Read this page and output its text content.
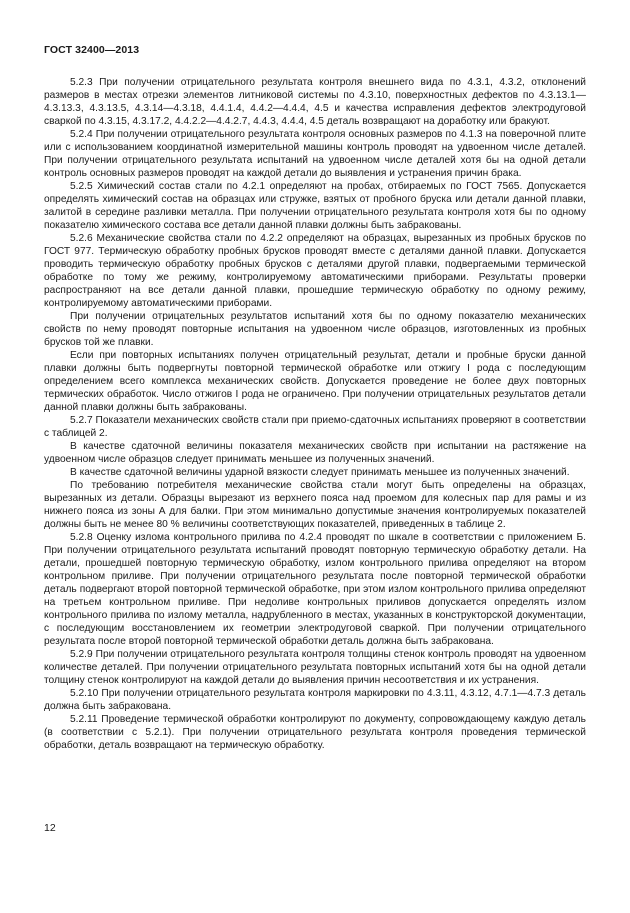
ГОСТ 32400—2013

5.2.3 При получении отрицательного результата контроля внешнего вида по 4.3.1, 4.3.2, отклонений размеров в местах отрезки элементов литниковой системы по 4.3.10, поверхностных дефектов по 4.3.13.1—4.3.13.3, 4.3.13.5, 4.3.14—4.3.18, 4.4.1.4, 4.4.2—4.4.4, 4.5 и качества исправления дефектов электродуговой сваркой по 4.3.15, 4.3.17.2, 4.4.2.2—4.4.2.7, 4.4.3, 4.4.4, 4.5 деталь возвращают на доработку или бракуют.

5.2.4 При получении отрицательного результата контроля основных размеров по 4.1.3 на поверочной плите или с использованием координатной измерительной машины контроль проводят на удвоенном числе деталей. При получении отрицательного результата испытаний на удвоенном числе деталей хотя бы на одной детали контроль основных размеров проводят на каждой детали до выявления и устранения причин брака.

5.2.5 Химический состав стали по 4.2.1 определяют на пробах, отбираемых по ГОСТ 7565. Допускается определять химический состав на образцах или стружке, взятых от пробного бруска или детали данной плавки, залитой в середине разливки металла. При получении отрицательного результата контроля хотя бы по одному показателю химического состава все детали данной плавки должны быть забракованы.

5.2.6 Механические свойства стали по 4.2.2 определяют на образцах, вырезанных из пробных брусков по ГОСТ 977. Термическую обработку пробных брусков проводят вместе с деталями данной плавки. Допускается проводить термическую обработку пробных брусков с деталями другой плавки, подвергаемыми термической обработке по тому же режиму, контролируемому автоматическими приборами. Результаты проверки распространяют на все детали данной плавки, прошедшие термическую обработку по одному режиму, контролируемому автоматическими приборами.

При получении отрицательных результатов испытаний хотя бы по одному показателю механических свойств по нему проводят повторные испытания на удвоенном числе образцов, изготовленных из пробных брусков той же плавки.

Если при повторных испытаниях получен отрицательный результат, детали и пробные бруски данной плавки должны быть подвергнуты повторной термической обработке или отжигу I рода с последующим определением всего комплекса механических свойств. Допускается проведение не более двух повторных термических обработок. Число отжигов I рода не ограничено. При получении отрицательных результатов детали данной плавки должны быть забракованы.

5.2.7 Показатели механических свойств стали при приемо-сдаточных испытаниях проверяют в соответствии с таблицей 2.

В качестве сдаточной величины показателя механических свойств при испытании на растяжение на удвоенном числе образцов следует принимать меньшее из полученных значений.

В качестве сдаточной величины ударной вязкости следует принимать меньшее из полученных значений.

По требованию потребителя механические свойства стали могут быть определены на образцах, вырезанных из детали. Образцы вырезают из верхнего пояса над проемом для колесных пар для рамы и из нижнего пояса из зоны А для балки. При этом минимально допустимые значения контролируемых показателей должны быть не менее 80 % величины соответствующих показателей, приведенных в таблице 2.

5.2.8 Оценку излома контрольного прилива по 4.2.4 проводят по шкале в соответствии с приложением Б. При получении отрицательного результата испытаний проводят повторную термическую обработку детали. На детали, прошедшей повторную термическую обработку, излом контрольного прилива определяют на втором контрольном приливе. При получении отрицательного результата после повторной термической обработки деталь подвергают второй повторной термической обработке, при этом излом контрольного прилива определяют на третьем контрольном приливе. При недоливе контрольных приливов допускается определять излом контрольного прилива по излому металла, надрубленного в местах, указанных в конструкторской документации, с последующим восстановлением их геометрии электродуговой сваркой. При получении отрицательного результата после второй повторной термической обработки деталь должна быть забракована.

5.2.9 При получении отрицательного результата контроля толщины стенок контроль проводят на удвоенном количестве деталей. При получении отрицательного результата повторных испытаний хотя бы на одной детали толщину стенок контролируют на каждой детали до выявления причин несоответствия и их устранения.

5.2.10 При получении отрицательного результата контроля маркировки по 4.3.11, 4.3.12, 4.7.1—4.7.3 деталь должна быть забракована.

5.2.11 Проведение термической обработки контролируют по документу, сопровождающему каждую деталь (в соответствии с 5.2.1). При получении отрицательного результата контроля проведения термической обработки, деталь возвращают на термическую обработку.

12
